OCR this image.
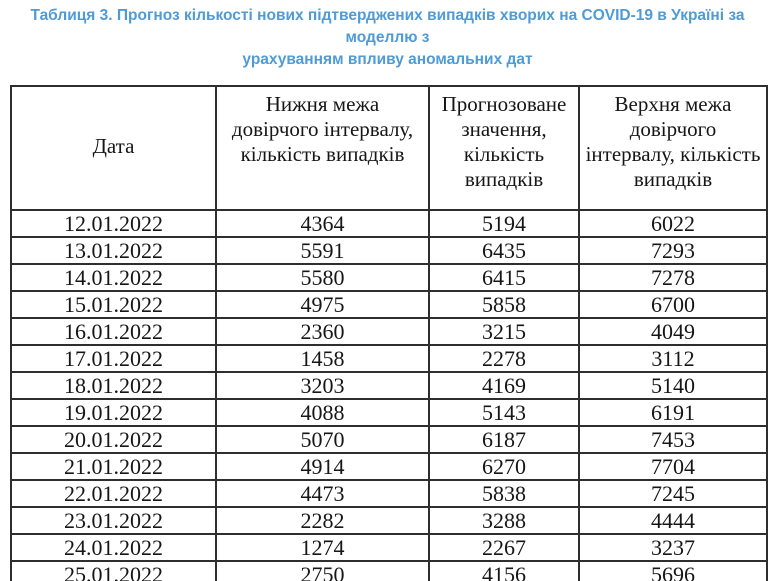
Таблиця 3. Прогноз кількості нових підтверджених випадків хворих на COVID-19 в Україні за моделлю з
урахуванням впливу аномальних дат
Дата	Нижня межа довірчого інтервалу, кількість випадків	Прогнозоване значення, кількість випадків	Верхня межа довірчого інтервалу, кількість випадків
12.01.2022	4364	5194	6022
13.01.2022	5591	6435	7293
14.01.2022	5580	6415	7278
15.01.2022	4975	5858	6700
16.01.2022	2360	3215	4049
17.01.2022	1458	2278	3112
18.01.2022	3203	4169	5140
19.01.2022	4088	5143	6191
20.01.2022	5070	6187	7453
21.01.2022	4914	6270	7704
22.01.2022	4473	5838	7245
23.01.2022	2282	3288	4444
24.01.2022	1274	2267	3237
25.01.2022	2750	4156	5696
